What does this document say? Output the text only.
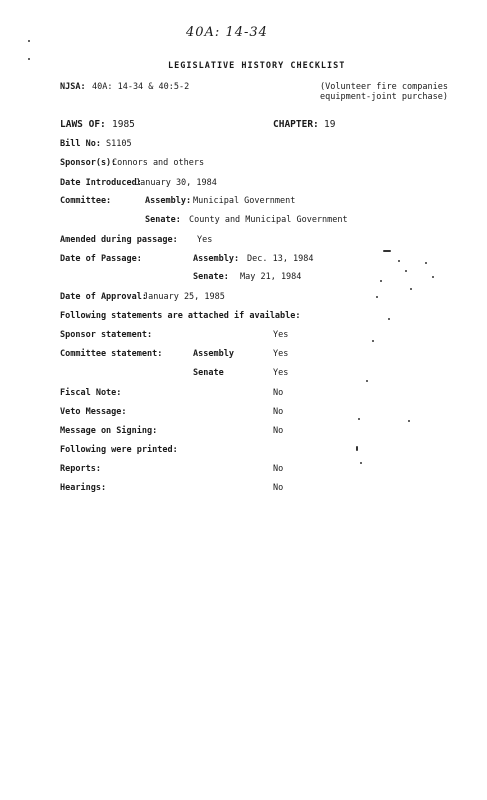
40A: 14-34
LEGISLATIVE HISTORY CHECKLIST
NJSA: 40A: 14-34 & 40:5-2	(Volunteer fire companies
equipment-joint purchase)
LAWS OF: 1985	CHAPTER: 19
Bill No: S1105
Sponsor(s):
Connors and others
Date Introduced:
January 30, 1984
Committee:	Assembly: Municipal Government
Senate: County and Municipal Government
Amended during passage: Yes
Date of Passage:	Assembly: Dec. 13, 1984
Senate: May 21, 1984
Date of Approval:
January 25, 1985
Following statements are attached if available:
Sponsor statement:	Yes
Committee statement:	Assembly	Yes
Senate	Yes
Fiscal Note:	No
Veto Message:	No
Message on Signing:	No
Following were printed:
Reports:	No
Hearings:	No
